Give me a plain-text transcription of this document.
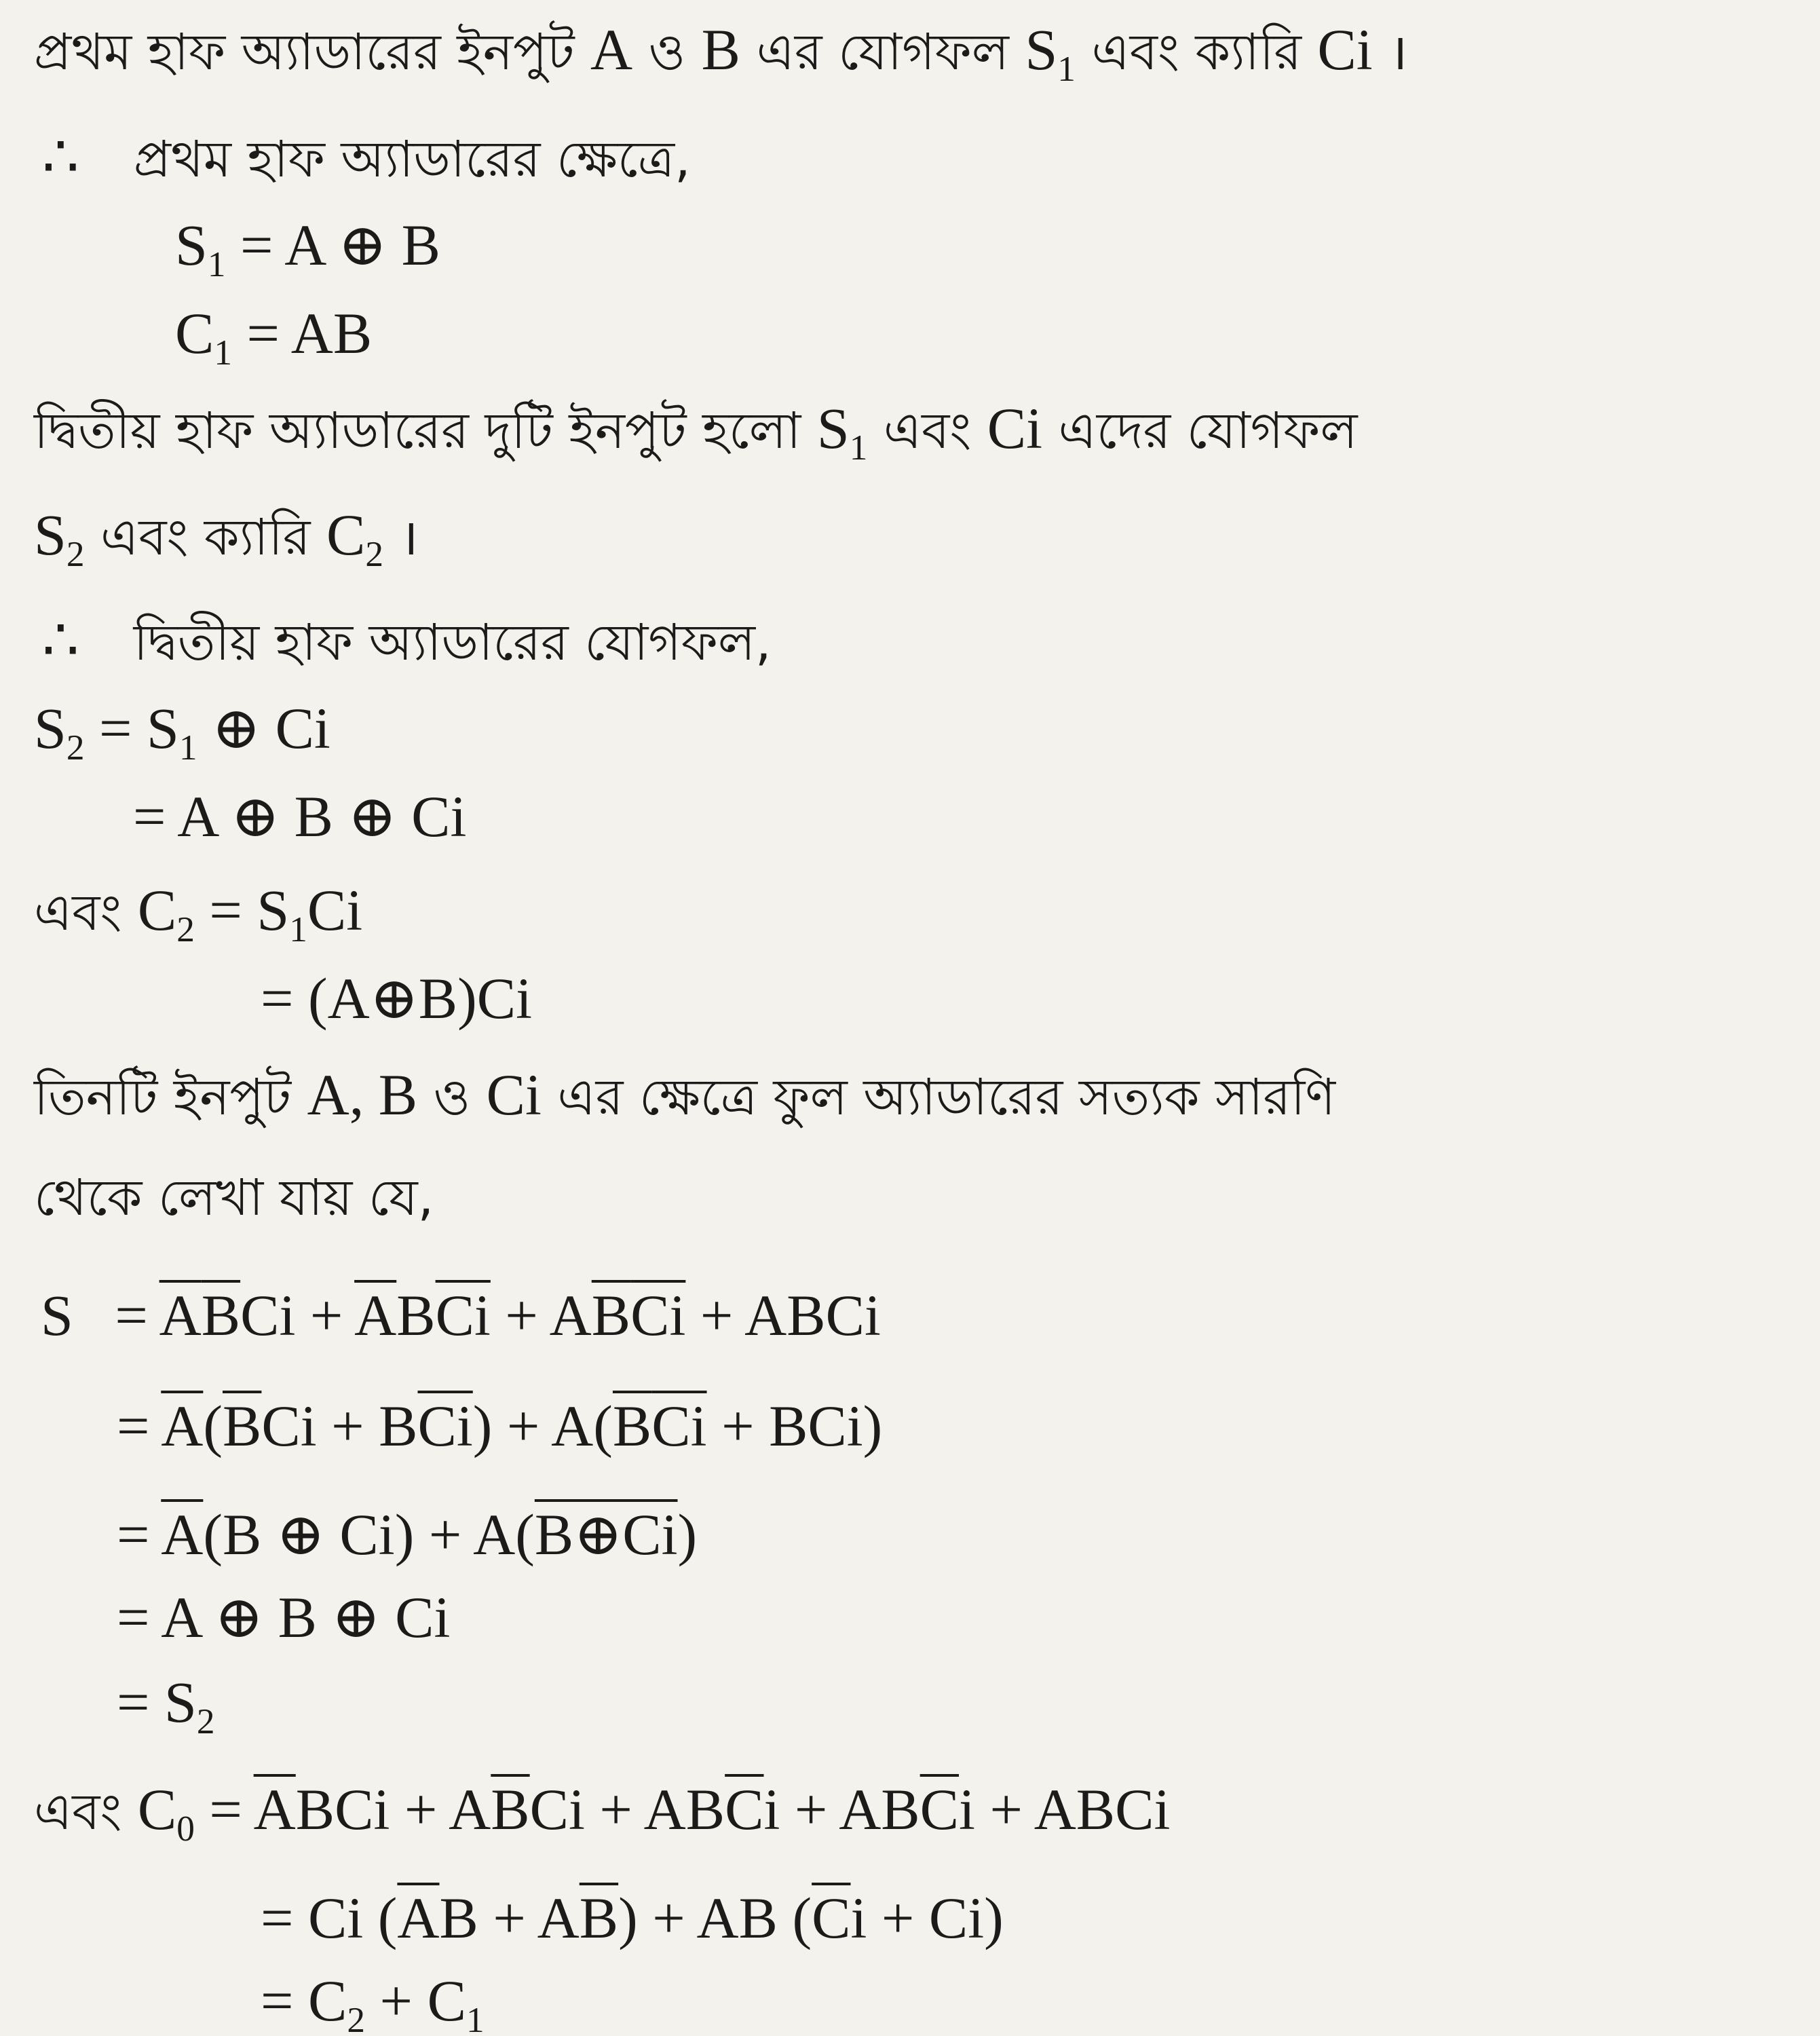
প্রথম হাফ অ্যাডারের ইনপুট A ও B এর যোগফল $S_1$ এবং ক্যারি Ci ।
∴ প্রথম হাফ অ্যাডারের ক্ষেত্রে,
$S_1 = A$ ⊕ B
$C_1$ = AB
দ্বিতীয় হাফ অ্যাডারের দুটি ইনপুট হলো $S_1$ এবং Ci এদের যোগফল
$S_2$ এবং ক্যারি $C_2$ ।
∴ দ্বিতীয় হাফ অ্যাডারের যোগফল,
$S_2 = S_1$ ⊕ Ci
= A ⊕ B ⊕ Ci
এবং $C_2 = S_1Ci$
= (A⊕B)Ci
তিনটি ইনপুট A, B ও Ci এর ক্ষেত্রে ফুল অ্যাডারের সত্যক সারণি
থেকে লেখা যায় যে,
$S = \overline{A}\overline{B}Ci + \overline{A}B\overline{Ci} + A\overline{B}\overline{Ci}$ + ABCi
= $\overline{A}(\overline{B}Ci + B\overline{Ci}) + A(\overline{B}\overline{Ci} + BCi)$
= $\overline{A}(B$ ⊕ Ci) + A(B⊕Ci)
= A ⊕ B ⊕ Ci
= $S_2$
এবং $C_0 = \overline{A}BCi + A\overline{B}Ci + AB\overline{C}i + AB\overline{C}i$ + ABCi
= Ci $(\overline{A}B + A\overline{B})$ + AB $(\overline{C}i + Ci)$
= $C_2 + C_1$
